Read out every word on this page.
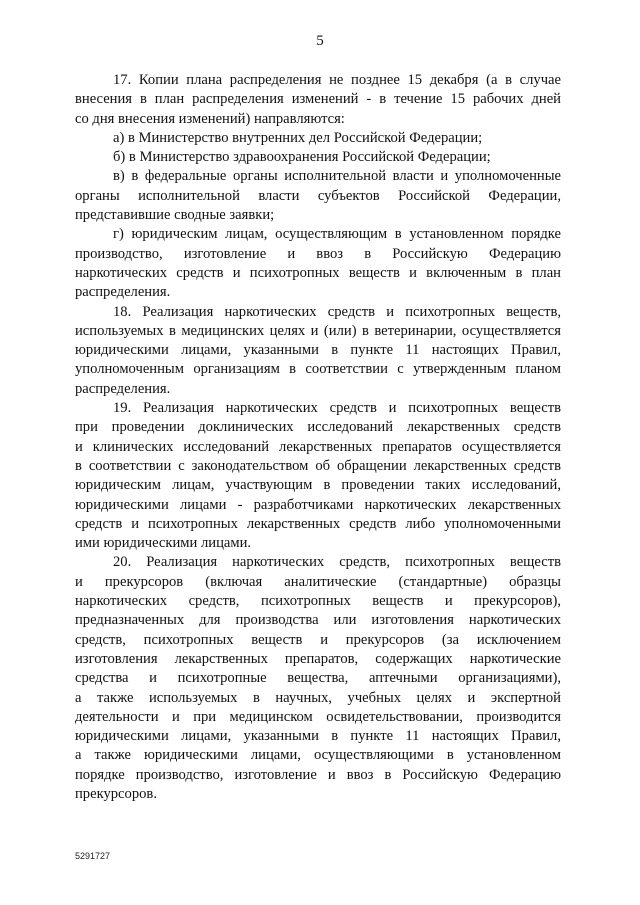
5

17. Копии плана распределения не позднее 15 декабря (а в случае
внесения в план распределения изменений - в течение 15 рабочих дней
со дня внесения изменений) направляются:

а) в Министерство внутренних дел Российской Федерации;

б) в Министерство здравоохранения Российской Федерации;

в) в федеральные органы исполнительной власти и уполномоченные
органы исполнительной власти субъектов Российской Федерации,
представившие сводные заявки;

г) юридическим лицам, осуществляющим в установленном порядке
производство, изготовление и ввоз в Российскую Федерацию
наркотических средств и психотропных веществ и включенным в план
распределения.

18. Реализация наркотических средств и психотропных веществ,
используемых в медицинских целях и (или) в ветеринарии, осуществляется
юридическими лицами, указанными в пункте 11 настоящих Правил,
уполномоченным организациям в соответствии с утвержденным планом
распределения.

19. Реализация наркотических средств и психотропных веществ
при проведении доклинических исследований лекарственных средств
и клинических исследований лекарственных препаратов осуществляется
в соответствии с законодательством об обращении лекарственных средств
юридическим лицам, участвующим в проведении таких исследований,
юридическими лицами - разработчиками наркотических лекарственных
средств и психотропных лекарственных средств либо уполномоченными
ими юридическими лицами.

20. Реализация наркотических средств, психотропных веществ
и прекурсоров (включая аналитические (стандартные) образцы
наркотических средств, психотропных веществ и прекурсоров),
предназначенных для производства или изготовления наркотических
средств, психотропных веществ и прекурсоров (за исключением
изготовления лекарственных препаратов, содержащих наркотические
средства и психотропные вещества, аптечными организациями),
а также используемых в научных, учебных целях и экспертной
деятельности и при медицинском освидетельствовании, производится
юридическими лицами, указанными в пункте 11 настоящих Правил,
а также юридическими лицами, осуществляющими в установленном
порядке производство, изготовление и ввоз в Российскую Федерацию
прекурсоров.

5291727
